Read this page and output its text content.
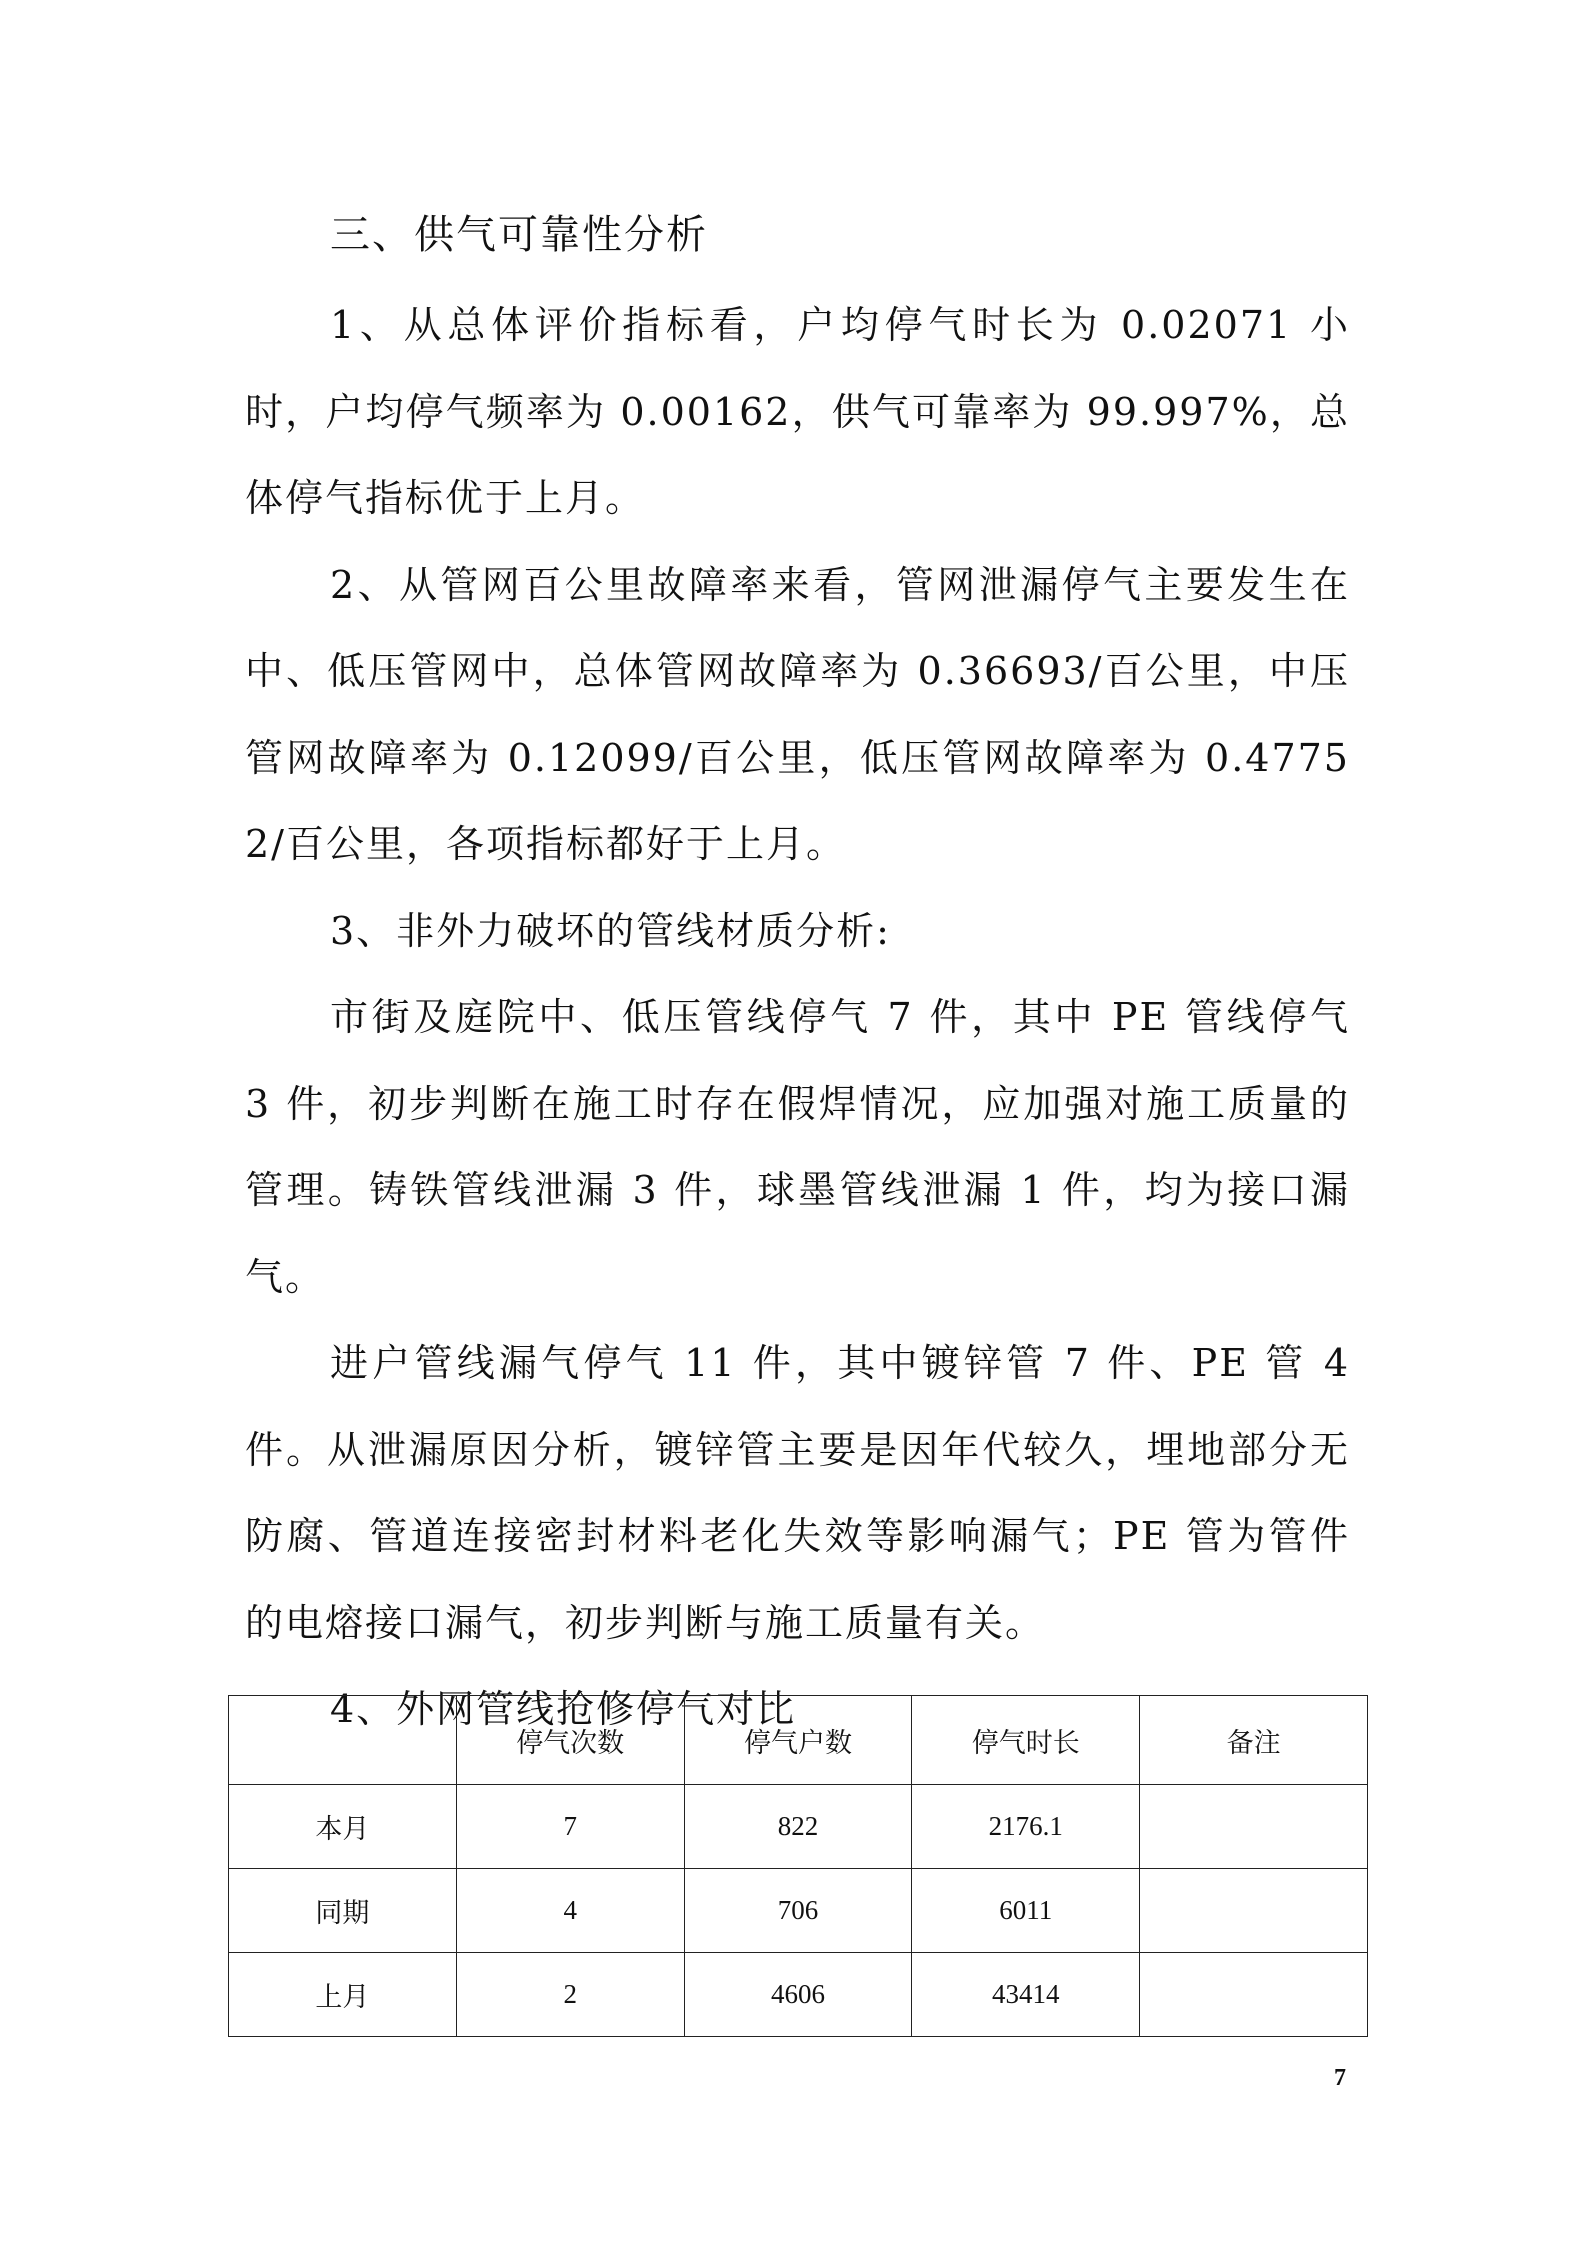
三、供气可靠性分析

1、从总体评价指标看，户均停气时长为 0.02071 小时，户均停气频率为 0.00162，供气可靠率为 99.997%，总体停气指标优于上月。

2、从管网百公里故障率来看，管网泄漏停气主要发生在中、低压管网中，总体管网故障率为 0.36693/百公里，中压管网故障率为 0.12099/百公里，低压管网故障率为 0.47752/百公里，各项指标都好于上月。

3、非外力破坏的管线材质分析:

市街及庭院中、低压管线停气 7 件，其中 PE 管线停气 3 件，初步判断在施工时存在假焊情况，应加强对施工质量的管理。铸铁管线泄漏 3 件，球墨管线泄漏 1 件，均为接口漏气。

进户管线漏气停气 11 件，其中镀锌管 7 件、PE 管 4 件。从泄漏原因分析，镀锌管主要是因年代较久，埋地部分无防腐、管道连接密封材料老化失效等影响漏气；PE 管为管件的电熔接口漏气，初步判断与施工质量有关。

4、外网管线抢修停气对比

	停气次数	停气户数	停气时长	备注
本月	7	822	2176.1	
同期	4	706	6011	
上月	2	4606	43414	
7
